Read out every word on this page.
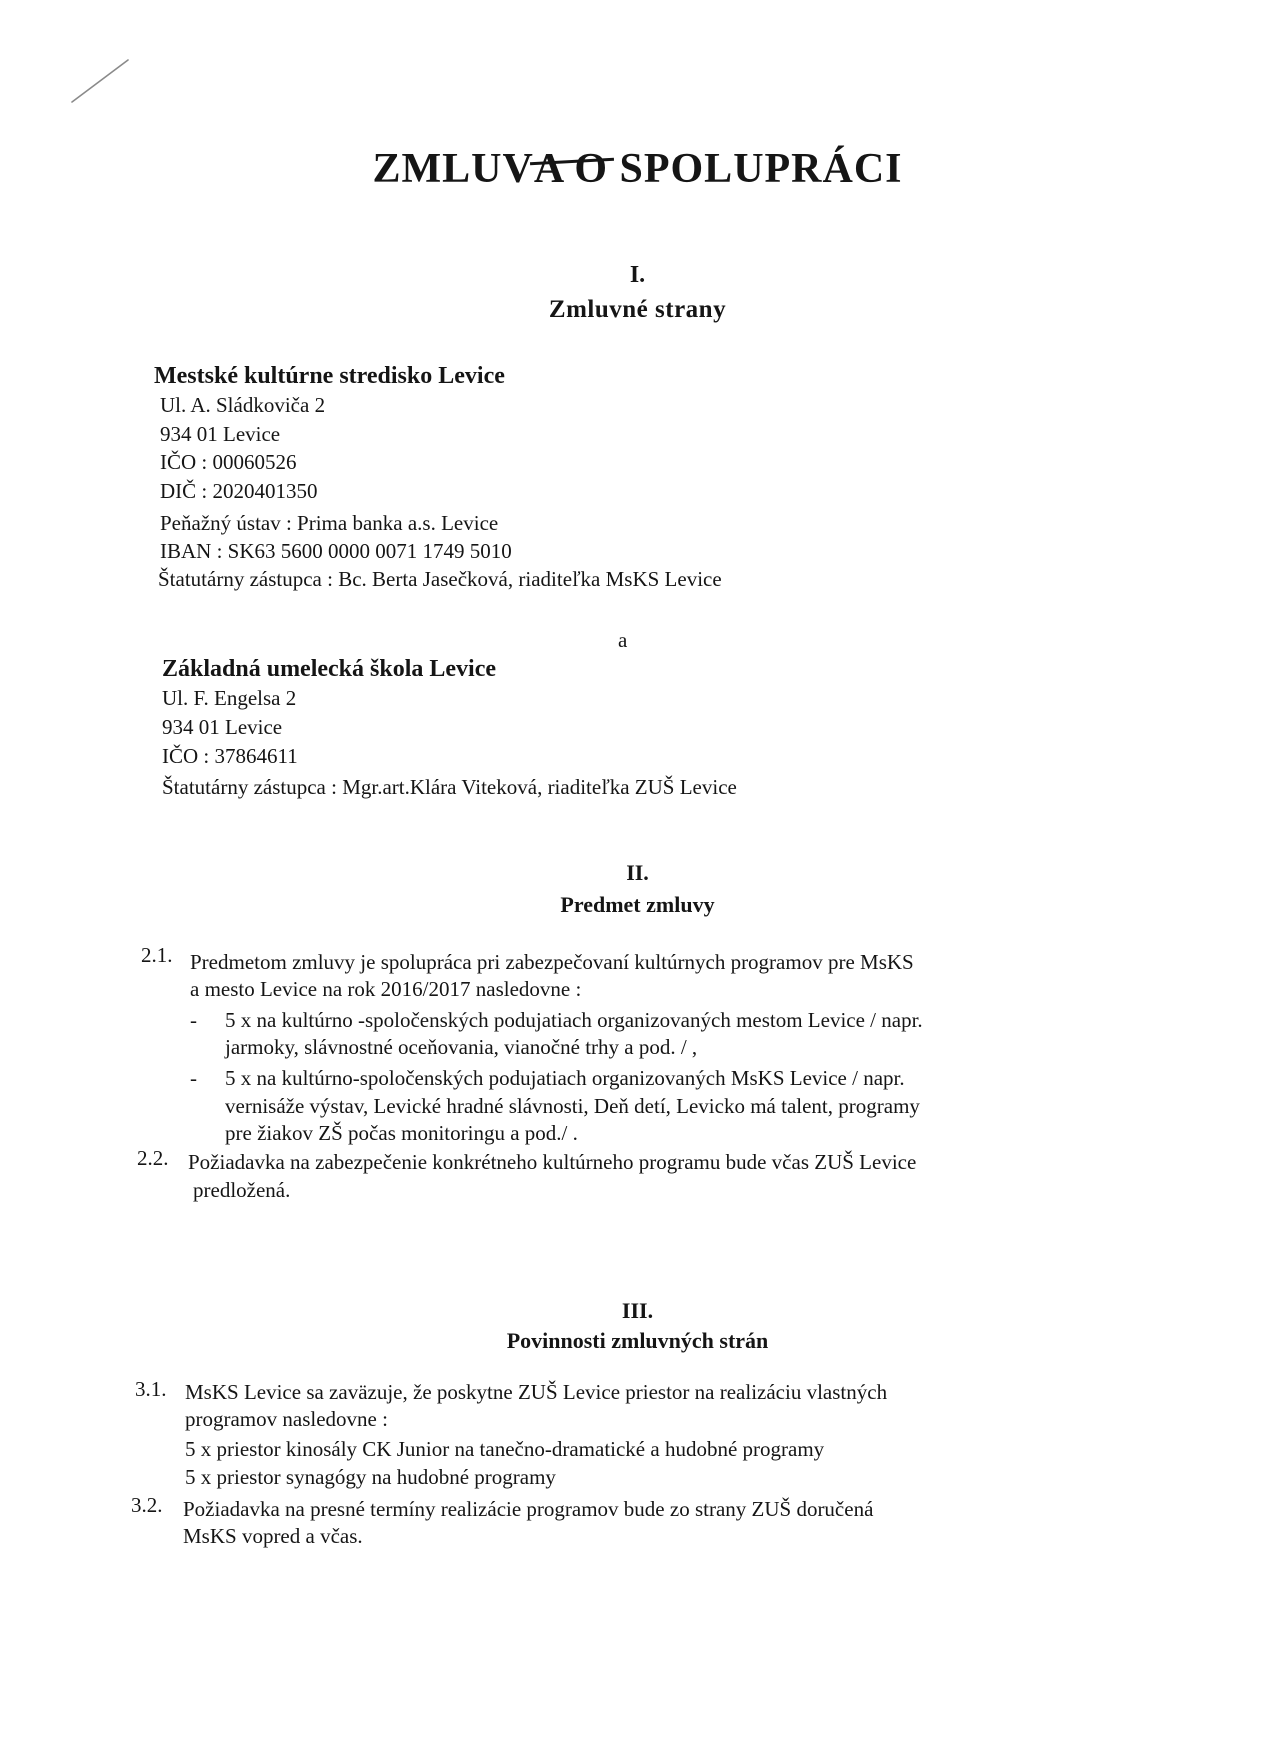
ZMLUVA O SPOLUPRÁCI
I.
Zmluvné strany
Mestské kultúrne stredisko Levice
Ul. A. Sládkoviča 2
934 01 Levice
IČO : 00060526
DIČ : 2020401350
Peňažný ústav : Prima banka a.s. Levice
IBAN : SK63 5600 0000 0071 1749 5010
Štatutárny zástupca : Bc. Berta Jasečková, riaditeľka MsKS Levice
a
Základná umelecká škola Levice
Ul. F. Engelsa 2
934 01 Levice
IČO : 37864611
Štatutárny zástupca : Mgr.art.Klára Viteková, riaditeľka ZUŠ Levice
II.
Predmet zmluvy
2.1. Predmetom zmluvy je spolupráca pri zabezpečovaní kultúrnych programov pre MsKS
a mesto Levice na rok 2016/2017 nasledovne :
- 5 x na kultúrno -spoločenských podujatiach organizovaných mestom Levice / napr.
jarmoky, slávnostné oceňovania, vianočné trhy a pod. / ,
- 5 x na kultúrno-spoločenských podujatiach organizovaných MsKS Levice / napr.
vernisáže výstav, Levické hradné slávnosti, Deň detí, Levicko má talent, programy
pre žiakov ZŠ počas monitoringu a pod./ .
2.2. Požiadavka na zabezpečenie konkrétneho kultúrneho programu bude včas ZUŠ Levice
predložená.
III.
Povinnosti zmluvných strán
3.1. MsKS Levice sa zaväzuje, že poskytne ZUŠ Levice priestor na realizáciu vlastných
programov nasledovne :
5 x priestor kinosály CK Junior na tanečno-dramatické a hudobné programy
5 x priestor synagógy na hudobné programy
3.2. Požiadavka na presné termíny realizácie programov bude zo strany ZUŠ doručená
MsKS vopred a včas.
